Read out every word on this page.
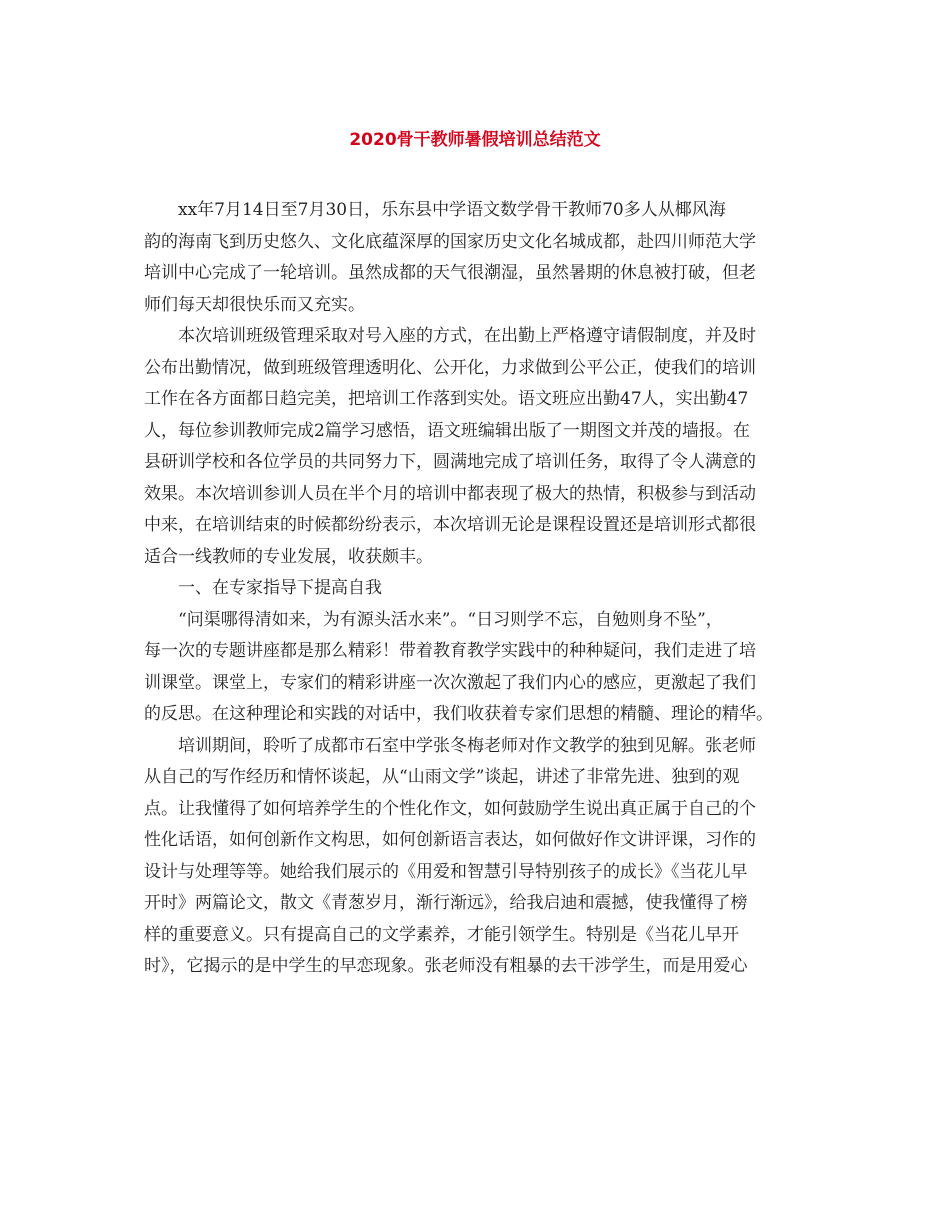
2020骨干教师暑假培训总结范文
xx年7月14日至7月30日，乐东县中学语文数学骨干教师70多人从椰风海
韵的海南飞到历史悠久、文化底蕴深厚的国家历史文化名城成都，赴四川师范大学
培训中心完成了一轮培训。虽然成都的天气很潮湿，虽然暑期的休息被打破，但老
师们每天却很快乐而又充实。
本次培训班级管理采取对号入座的方式，在出勤上严格遵守请假制度，并及时
公布出勤情况，做到班级管理透明化、公开化，力求做到公平公正，使我们的培训
工作在各方面都日趋完美，把培训工作落到实处。语文班应出勤47人，实出勤47
人，每位参训教师完成2篇学习感悟，语文班编辑出版了一期图文并茂的墙报。在
县研训学校和各位学员的共同努力下，圆满地完成了培训任务，取得了令人满意的
效果。本次培训参训人员在半个月的培训中都表现了极大的热情，积极参与到活动
中来，在培训结束的时候都纷纷表示，本次培训无论是课程设置还是培训形式都很
适合一线教师的专业发展，收获颇丰。
一、在专家指导下提高自我
“问渠哪得清如来，为有源头活水来”。“日习则学不忘，自勉则身不坠”，
每一次的专题讲座都是那么精彩！带着教育教学实践中的种种疑问，我们走进了培
训课堂。课堂上，专家们的精彩讲座一次次激起了我们内心的感应，更激起了我们
的反思。在这种理论和实践的对话中，我们收获着专家们思想的精髓、理论的精华。
培训期间，聆听了成都市石室中学张冬梅老师对作文教学的独到见解。张老师
从自己的写作经历和情怀谈起，从“山雨文学”谈起，讲述了非常先进、独到的观
点。让我懂得了如何培养学生的个性化作文，如何鼓励学生说出真正属于自己的个
性化话语，如何创新作文构思，如何创新语言表达，如何做好作文讲评课，习作的
设计与处理等等。她给我们展示的《用爱和智慧引导特别孩子的成长》《当花儿早
开时》两篇论文，散文《青葱岁月，渐行渐远》，给我启迪和震撼，使我懂得了榜
样的重要意义。只有提高自己的文学素养，才能引领学生。特别是《当花儿早开
时》，它揭示的是中学生的早恋现象。张老师没有粗暴的去干涉学生，而是用爱心
